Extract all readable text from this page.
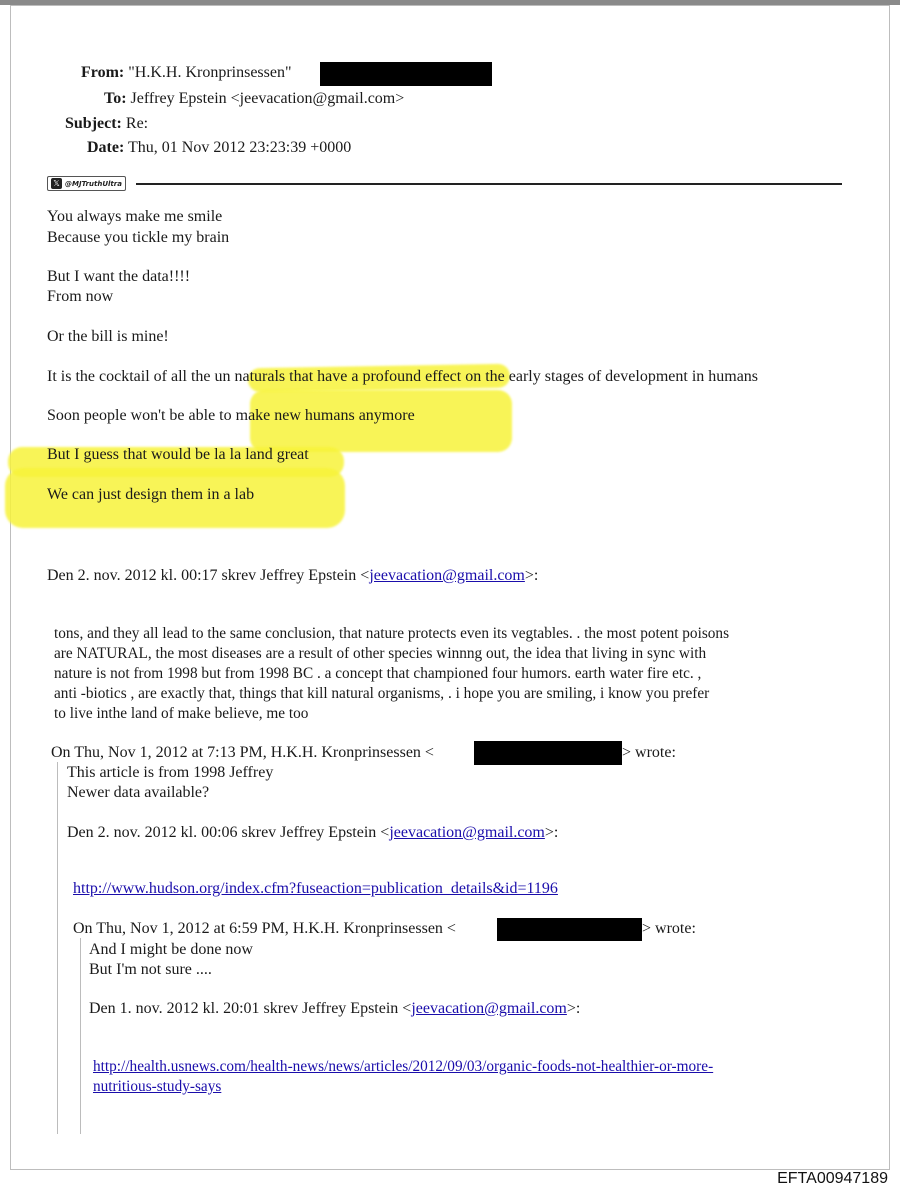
From: "H.K.H. Kronprinsessen"
To: Jeffrey Epstein <jeevacation@gmail.com>
Subject: Re:
Date: Thu, 01 Nov 2012 23:23:39 +0000
𝕏 @MJTruthUltra
You always make me smile
Because you tickle my brain
But I want the data!!!!
From now
Or the bill is mine!
It is the cocktail of all the un naturals that have a profound effect on the early stages of development in humans
Soon people won't be able to make new humans anymore
But I guess that would be la la land great
We can just design them in a lab
Den 2. nov. 2012 kl. 00:17 skrev Jeffrey Epstein <jeevacation@gmail.com>:
tons, and they all lead to the same conclusion, that nature protects even its vegtables. . the most potent poisons
are NATURAL, the most diseases are a result of other species winnng out, the idea that living in sync with
nature is not from 1998 but from 1998 BC . a concept that championed four humors. earth water fire etc. ,
anti -biotics , are exactly that, things that kill natural organisms, . i hope you are smiling, i know you prefer
to live inthe land of make believe, me too
On Thu, Nov 1, 2012 at 7:13 PM, H.K.H. Kronprinsessen <	> wrote:
This article is from 1998 Jeffrey
Newer data available?
Den 2. nov. 2012 kl. 00:06 skrev Jeffrey Epstein <jeevacation@gmail.com>:
http://www.hudson.org/index.cfm?fuseaction=publication_details&id=1196
On Thu, Nov 1, 2012 at 6:59 PM, H.K.H. Kronprinsessen <	> wrote:
And I might be done now
But I'm not sure ....
Den 1. nov. 2012 kl. 20:01 skrev Jeffrey Epstein <jeevacation@gmail.com>:
http://health.usnews.com/health-news/news/articles/2012/09/03/organic-foods-not-healthier-or-more-
nutritious-study-says
EFTA00947189
